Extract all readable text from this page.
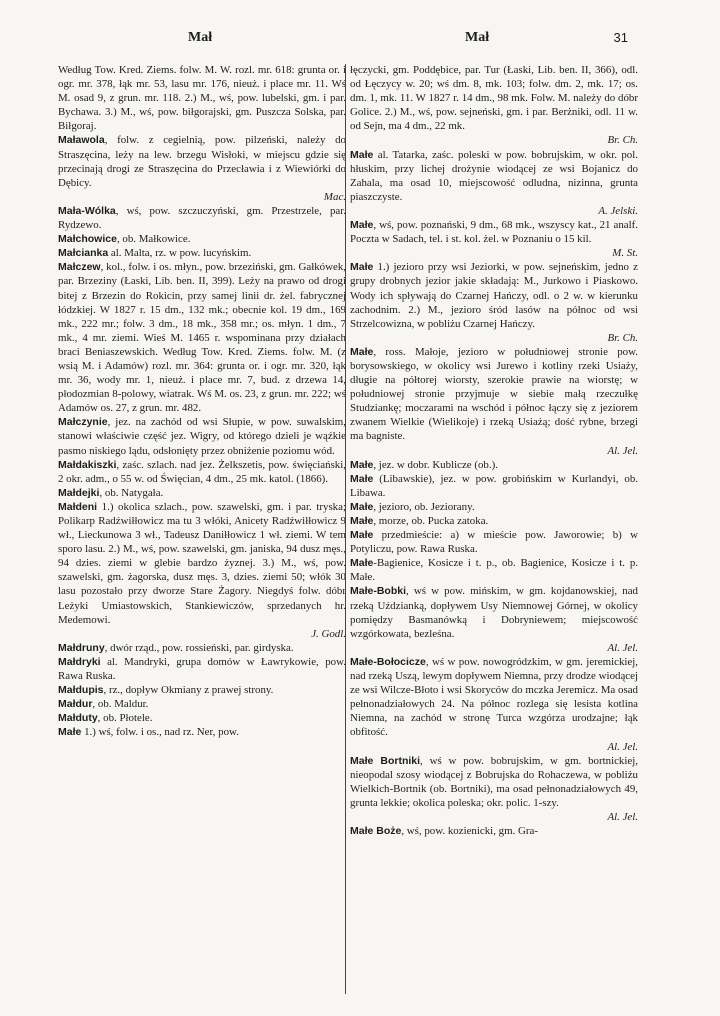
Mał	Mał	31

Według Tow. Kred. Ziems. folw. M. W. rozl. mr. 618: grunta or. i ogr. mr. 378, łąk mr. 53, lasu mr. 176, nieuż. i place mr. 11. Wś M. osad 9, z grun. mr. 118. 2.) M., wś, pow. lubelski, gm. i par. Bychawa. 3.) M., wś, pow. biłgorajski, gm. Puszcza Solska, par. Biłgoraj.

Maławola, folw. z cegielnią, pow. pilzeński, należy do Straszęcina, leży na lew. brzegu Wisłoki, w miejscu gdzie się przecinają drogi ze Straszęcina do Przecławia i z Wiewiórki do Dębicy.
Mac.

Mała-Wólka, wś, pow. szczuczyński, gm. Przestrzele, par. Rydzewo.

Małchowice, ob. Małkowice.

Małcianka al. Malta, rz. w pow. lucyńskim.

Małczew, kol., folw. i os. młyn., pow. brzeziński, gm. Gałkówek, par. Brzeziny (Łaski, Lib. ben. II, 399). Leży na prawo od drogi bitej z Brzezin do Rokicin, przy samej linii dr. żel. fabrycznej łódzkiej. W 1827 r. 15 dm., 132 mk.; obecnie kol. 19 dm., 169 mk., 222 mr.; folw. 3 dm., 18 mk., 358 mr.; os. młyn. 1 dm., 7 mk., 4 mr. ziemi. Wieś M. 1465 r. wspominana przy działach braci Beniaszewskich. Według Tow. Kred. Ziems. folw. M. (z wsią M. i Adamów) rozl. mr. 364: grunta or. i ogr. mr. 320, łąk mr. 36, wody mr. 1, nieuż. i place mr. 7, bud. z drzewa 14, płodozmian 8-polowy, wiatrak. Wś M. os. 23, z grun. mr. 222; wś Adamów os. 27, z grun. mr. 482.

Małczynie, jez. na zachód od wsi Słupie, w pow. suwalskim, stanowi właściwie część jez. Wigry, od którego dzieli je wąźkie pasmo niskiego lądu, odsłonięty przez obniżenie poziomu wód.

Małdakiszki, zaśc. szlach. nad jez. Żelkszetis, pow. święciański, 2 okr. adm., o 55 w. od Święcian, 4 dm., 25 mk. katol. (1866).

Małdejki, ob. Natygała.

Małdeni 1.) okolica szlach., pow. szawelski, gm. i par. tryska; Polikarp Radźwiłłowicz ma tu 3 włóki, Anicety Radźwiłłowicz 9 wł., Lieckunowa 3 wł., Tadeusz Daniłłowicz 1 wł. ziemi. W tem sporo lasu. 2.) M., wś, pow. szawelski, gm. janiska, 94 dusz męs., 94 dzies. ziemi w glebie bardzo żyznej. 3.) M., wś, pow. szawelski, gm. żagorska, dusz męs. 3, dzies. ziemi 50; włók 30 lasu pozostało przy dworze Stare Żagory. Niegdyś folw. dóbr Leżyki Umiastowskich, Stankiewiczów, sprzedanych hr. Medemowi.
J. Godl.

Małdruny, dwór rząd., pow. rossieński, par. girdyska.

Małdryki al. Mandryki, grupa domów w Ławrykowie, pow. Rawa Ruska.

Małdupis, rz., dopływ Okmiany z prawej strony.

Małdur, ob. Maldur.

Małduty, ob. Płotele.

Małe 1.) wś, folw. i os., nad rz. Ner, pow.

łęczycki, gm. Poddębice, par. Tur (Łaski, Lib. ben. II, 366), odl. od Łęczycy w. 20; wś dm. 8, mk. 103; folw. dm. 2, mk. 17; os. dm. 1, mk. 11. W 1827 r. 14 dm., 98 mk. Folw. M. należy do dóbr Golice. 2.) M., wś, pow. sejneński, gm. i par. Berżniki, odl. 11 w. od Sejn, ma 4 dm., 22 mk.
Br. Ch.

Małe al. Tatarka, zaśc. poleski w pow. bobrujskim, w okr. pol. hłuskim, przy lichej drożynie wiodącej ze wsi Bojanicz do Zahala, ma osad 10, miejscowość odludna, nizinna, grunta piaszczyste.
A. Jelski.

Małe, wś, pow. poznański, 9 dm., 68 mk., wszyscy kat., 21 analf. Poczta w Sadach, tel. i st. kol. żel. w Poznaniu o 15 kil.
M. St.

Małe 1.) jezioro przy wsi Jeziorki, w pow. sejneńskim, jedno z grupy drobnych jezior jakie składają: M., Jurkowo i Piaskowo. Wody ich spływają do Czarnej Hańczy, odl. o 2 w. w kierunku zachodnim. 2.) M., jezioro śród lasów na północ od wsi Strzelcowizna, w pobliżu Czarnej Hańczy.
Br. Ch.

Małe, ross. Małoje, jezioro w południowej stronie pow. borysowskiego, w okolicy wsi Jurewo i kotliny rzeki Usiaży, długie na półtorej wiorsty, szerokie prawie na wiorstę; w południowej stronie przyjmuje w siebie małą rzeczułkę Studziankę; moczarami na wschód i północ łączy się z jeziorem zwanem Wielkie (Wielikoje) i rzeką Usiażą; dość rybne, brzegi ma bagniste.
Al. Jel.

Małe, jez. w dobr. Kublicze (ob.).

Małe (Libawskie), jez. w pow. grobińskim w Kurlandyi, ob. Libawa.

Małe, jezioro, ob. Jeziorany.

Małe, morze, ob. Pucka zatoka.

Małe przedmieście: a) w mieście pow. Jaworowie; b) w Potyliczu, pow. Rawa Ruska.

Małe-Bagienice, Kosicze i t. p., ob. Bagienice, Kosicze i t. p. Małe.

Małe-Bobki, wś w pow. mińskim, w gm. kojdanowskiej, nad rzeką Uździanką, dopływem Usy Niemnowej Górnej, w okolicy pomiędzy Basmanówką i Dobryniewem; miejscowość wzgórkowata, bezleśna.
Al. Jel.

Małe-Bołocicze, wś w pow. nowogródzkim, w gm. jeremickiej, nad rzeką Uszą, lewym dopływem Niemna, przy drodze wiodącej ze wsi Wilcze-Błoto i wsi Skoryców do mczka Jeremicz. Ma osad pełnonadziałowych 24. Na północ rozlega się lesista kotlina Niemna, na zachód w stronę Turca wzgórza urodzajne; łąk obfitość.
Al. Jel.

Małe Bortniki, wś w pow. bobrujskim, w gm. bortnickiej, nieopodal szosy wiodącej z Bobrujska do Rohaczewa, w pobliżu Wielkich-Bortnik (ob. Bortniki), ma osad pełnonadziałowych 49, grunta lekkie; okolica poleska; okr. polic. 1-szy.
Al. Jel.

Małe Boże, wś, pow. kozienicki, gm. Gra-
